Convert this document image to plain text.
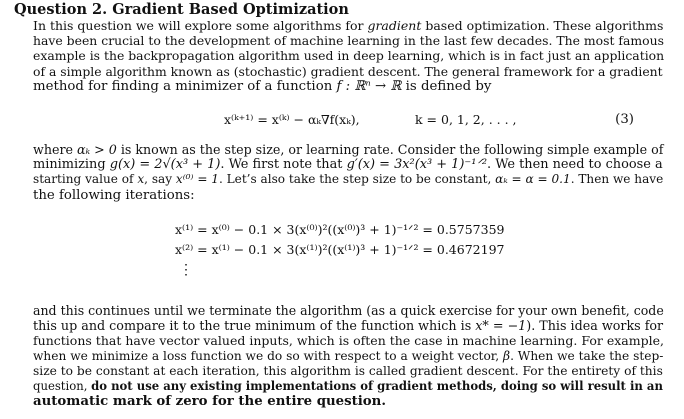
Question 2. Gradient Based Optimization
In this question we will explore some algorithms for gradient based optimization. These algorithms
have been crucial to the development of machine learning in the last few decades. The most famous
example is the backpropagation algorithm used in deep learning, which is in fact just an application
of a simple algorithm known as (stochastic) gradient descent. The general framework for a gradient
method for finding a minimizer of a function f : ℝⁿ → ℝ is defined by
x⁽ᵏ⁺¹⁾ = x⁽ᵏ⁾ − αₖ∇f(xₖ),	k = 0, 1, 2, . . . ,	(3)
where αₖ > 0 is known as the step size, or learning rate. Consider the following simple example of
minimizing g(x) = 2√(x³ + 1). We first note that g′(x) = 3x²(x³ + 1)⁻¹ᐟ². We then need to choose a
starting value of x, say x⁽⁰⁾ = 1. Let’s also take the step size to be constant, αₖ = α = 0.1. Then we have
the following iterations:
x⁽¹⁾ = x⁽⁰⁾ − 0.1 × 3(x⁽⁰⁾)²((x⁽⁰⁾)³ + 1)⁻¹ᐟ² = 0.5757359
x⁽²⁾ = x⁽¹⁾ − 0.1 × 3(x⁽¹⁾)²((x⁽¹⁾)³ + 1)⁻¹ᐟ² = 0.4672197
⋮
and this continues until we terminate the algorithm (as a quick exercise for your own benefit, code
this up and compare it to the true minimum of the function which is x* = −1). This idea works for
functions that have vector valued inputs, which is often the case in machine learning. For example,
when we minimize a loss function we do so with respect to a weight vector, β. When we take the step-
size to be constant at each iteration, this algorithm is called gradient descent. For the entirety of this
question, do not use any existing implementations of gradient methods, doing so will result in an
automatic mark of zero for the entire question.
